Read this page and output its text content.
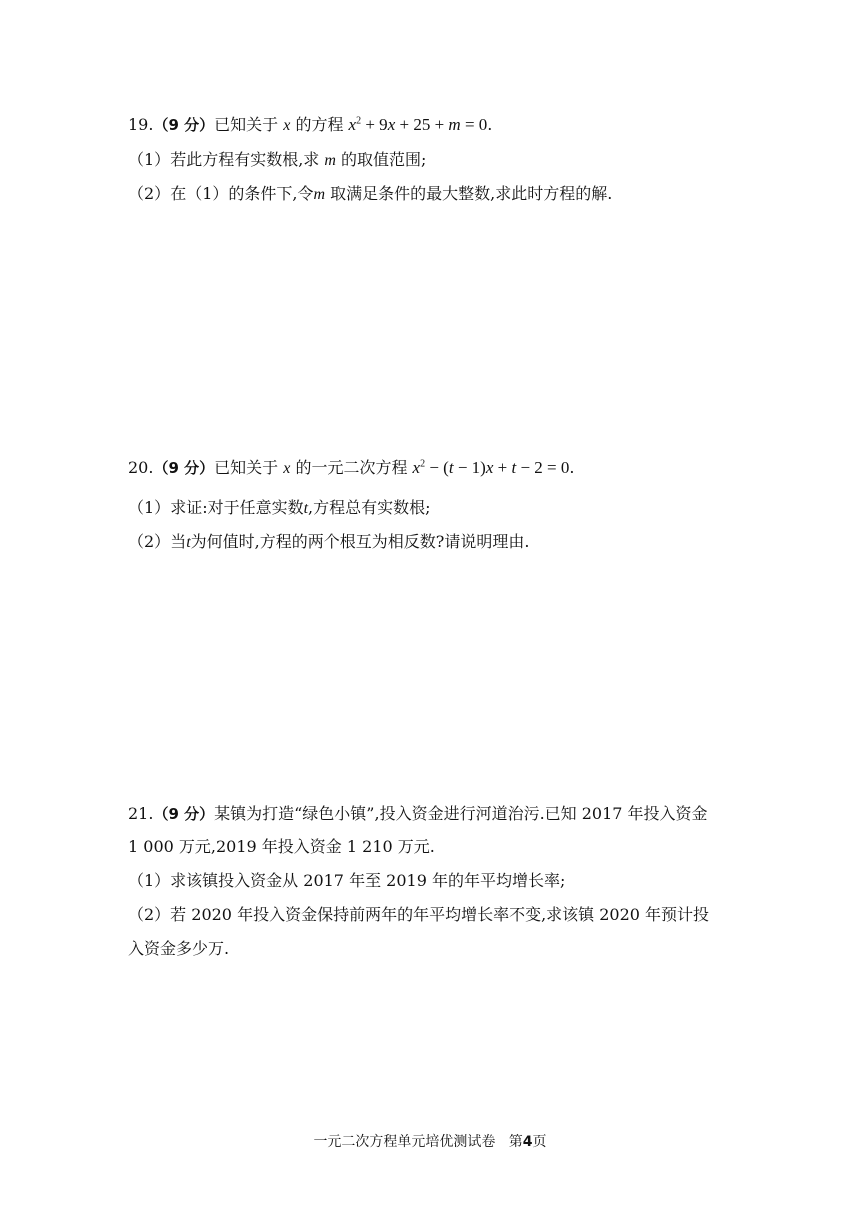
19.（9 分）已知关于 x 的方程 $x^2 + 9x + 25 + m = 0$.

（1）若此方程有实数根,求 m 的取值范围;

（2）在（1）的条件下,令m 取满足条件的最大整数,求此时方程的解.

20.（9 分）已知关于 x 的一元二次方程 $x^2 - (t - 1)x + t - 2 = 0$.

（1）求证:对于任意实数t,方程总有实数根;

（2）当t为何值时,方程的两个根互为相反数?请说明理由.

21.（9 分）某镇为打造“绿色小镇”,投入资金进行河道治污.已知 2017 年投入资金

1 000 万元,2019 年投入资金 1 210 万元.

（1）求该镇投入资金从 2017 年至 2019 年的年平均增长率;

（2）若 2020 年投入资金保持前两年的年平均增长率不变,求该镇 2020 年预计投

入资金多少万.

一元二次方程单元培优测试卷 第4页
